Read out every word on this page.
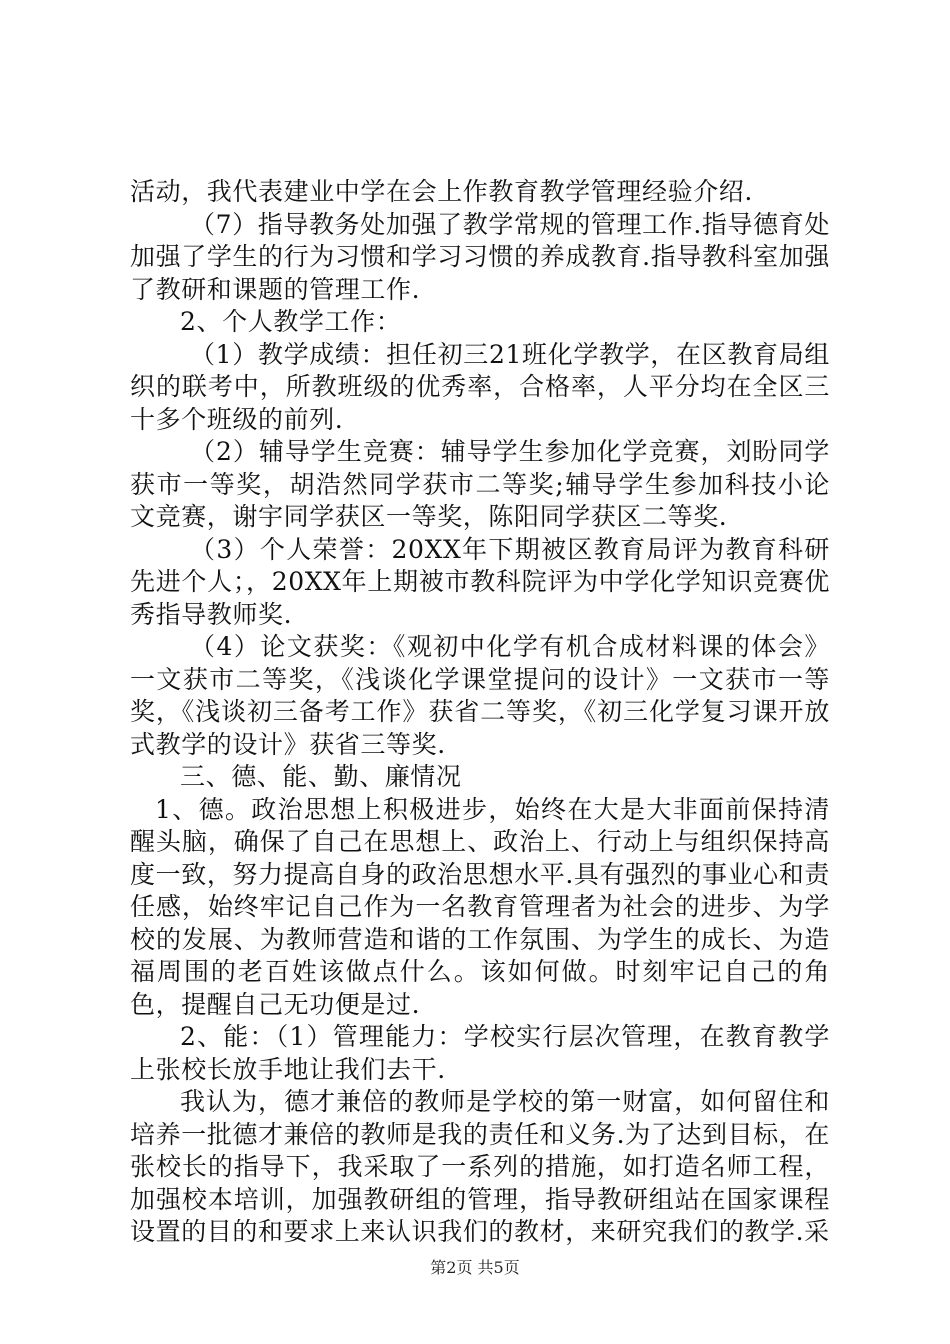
活动，我代表建业中学在会上作教育教学管理经验介绍.

（7）指导教务处加强了教学常规的管理工作.指导德育处加强了学生的行为习惯和学习习惯的养成教育.指导教科室加强了教研和课题的管理工作.

2、个人教学工作：

（1）教学成绩：担任初三21班化学教学，在区教育局组织的联考中，所教班级的优秀率，合格率，人平分均在全区三十多个班级的前列.

（2）辅导学生竞赛：辅导学生参加化学竞赛，刘盼同学获市一等奖，胡浩然同学获市二等奖;辅导学生参加科技小论文竞赛，谢宇同学获区一等奖，陈阳同学获区二等奖.

（3）个人荣誉：20XX年下期被区教育局评为教育科研先进个人；，20XX年上期被市教科院评为中学化学知识竞赛优秀指导教师奖.

（4）论文获奖：《观初中化学有机合成材料课的体会》一文获市二等奖，《浅谈化学课堂提问的设计》一文获市一等奖，《浅谈初三备考工作》获省二等奖，《初三化学复习课开放式教学的设计》获省三等奖.

三、德、能、勤、廉情况

1、德。政治思想上积极进步，始终在大是大非面前保持清醒头脑，确保了自己在思想上、政治上、行动上与组织保持高度一致，努力提高自身的政治思想水平.具有强烈的事业心和责任感，始终牢记自己作为一名教育管理者为社会的进步、为学校的发展、为教师营造和谐的工作氛围、为学生的成长、为造福周围的老百姓该做点什么。该如何做。时刻牢记自己的角色，提醒自己无功便是过.

2、能：（1）管理能力：学校实行层次管理，在教育教学上张校长放手地让我们去干.

我认为，德才兼倍的教师是学校的第一财富，如何留住和培养一批德才兼倍的教师是我的责任和义务.为了达到目标，在张校长的指导下，我采取了一系列的措施，如打造名师工程，加强校本培训，加强教研组的管理，指导教研组站在国家课程设置的目的和要求上来认识我们的教材，来研究我们的教学.采

第2页 共5页
